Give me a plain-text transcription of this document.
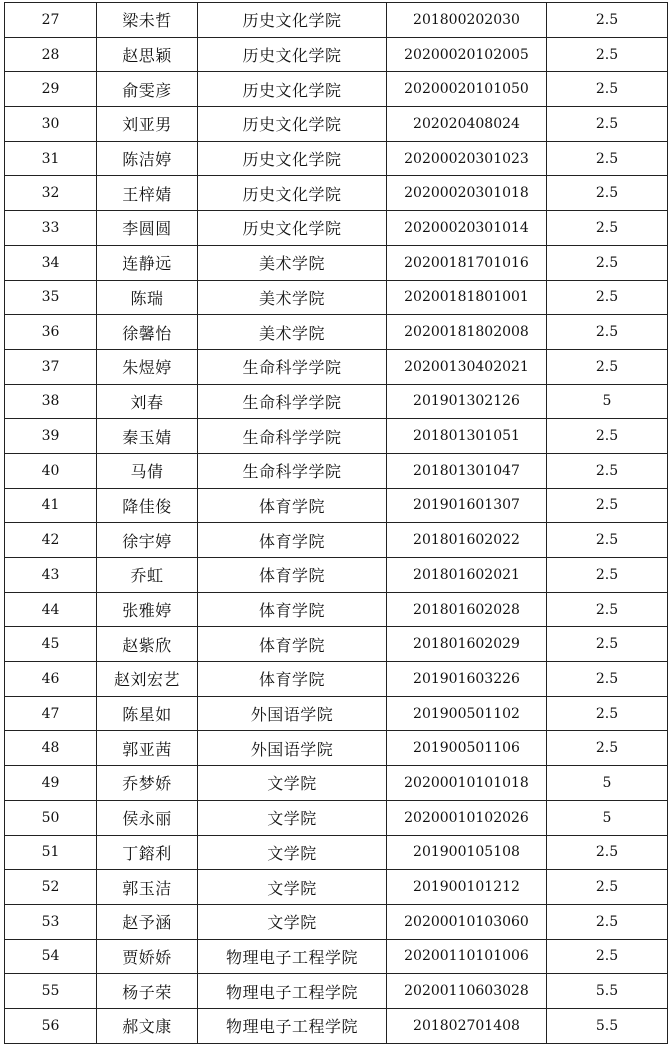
27	梁未哲	历史文化学院	201800202030	2.5
28	赵思颖	历史文化学院	20200020102005	2.5
29	俞雯彦	历史文化学院	20200020101050	2.5
30	刘亚男	历史文化学院	202020408024	2.5
31	陈洁婷	历史文化学院	20200020301023	2.5
32	王梓婧	历史文化学院	20200020301018	2.5
33	李圆圆	历史文化学院	20200020301014	2.5
34	连静远	美术学院	20200181701016	2.5
35	陈瑞	美术学院	20200181801001	2.5
36	徐馨怡	美术学院	20200181802008	2.5
37	朱煜婷	生命科学学院	20200130402021	2.5
38	刘春	生命科学学院	201901302126	5
39	秦玉婧	生命科学学院	201801301051	2.5
40	马倩	生命科学学院	201801301047	2.5
41	降佳俊	体育学院	201901601307	2.5
42	徐宇婷	体育学院	201801602022	2.5
43	乔虹	体育学院	201801602021	2.5
44	张雅婷	体育学院	201801602028	2.5
45	赵紫欣	体育学院	201801602029	2.5
46	赵刘宏艺	体育学院	201901603226	2.5
47	陈星如	外国语学院	201900501102	2.5
48	郭亚茜	外国语学院	201900501106	2.5
49	乔梦娇	文学院	20200010101018	5
50	侯永丽	文学院	20200010102026	5
51	丁鎔利	文学院	201900105108	2.5
52	郭玉洁	文学院	201900101212	2.5
53	赵予涵	文学院	20200010103060	2.5
54	贾娇娇	物理电子工程学院	20200110101006	2.5
55	杨子荣	物理电子工程学院	20200110603028	5.5
56	郝文康	物理电子工程学院	201802701408	5.5
